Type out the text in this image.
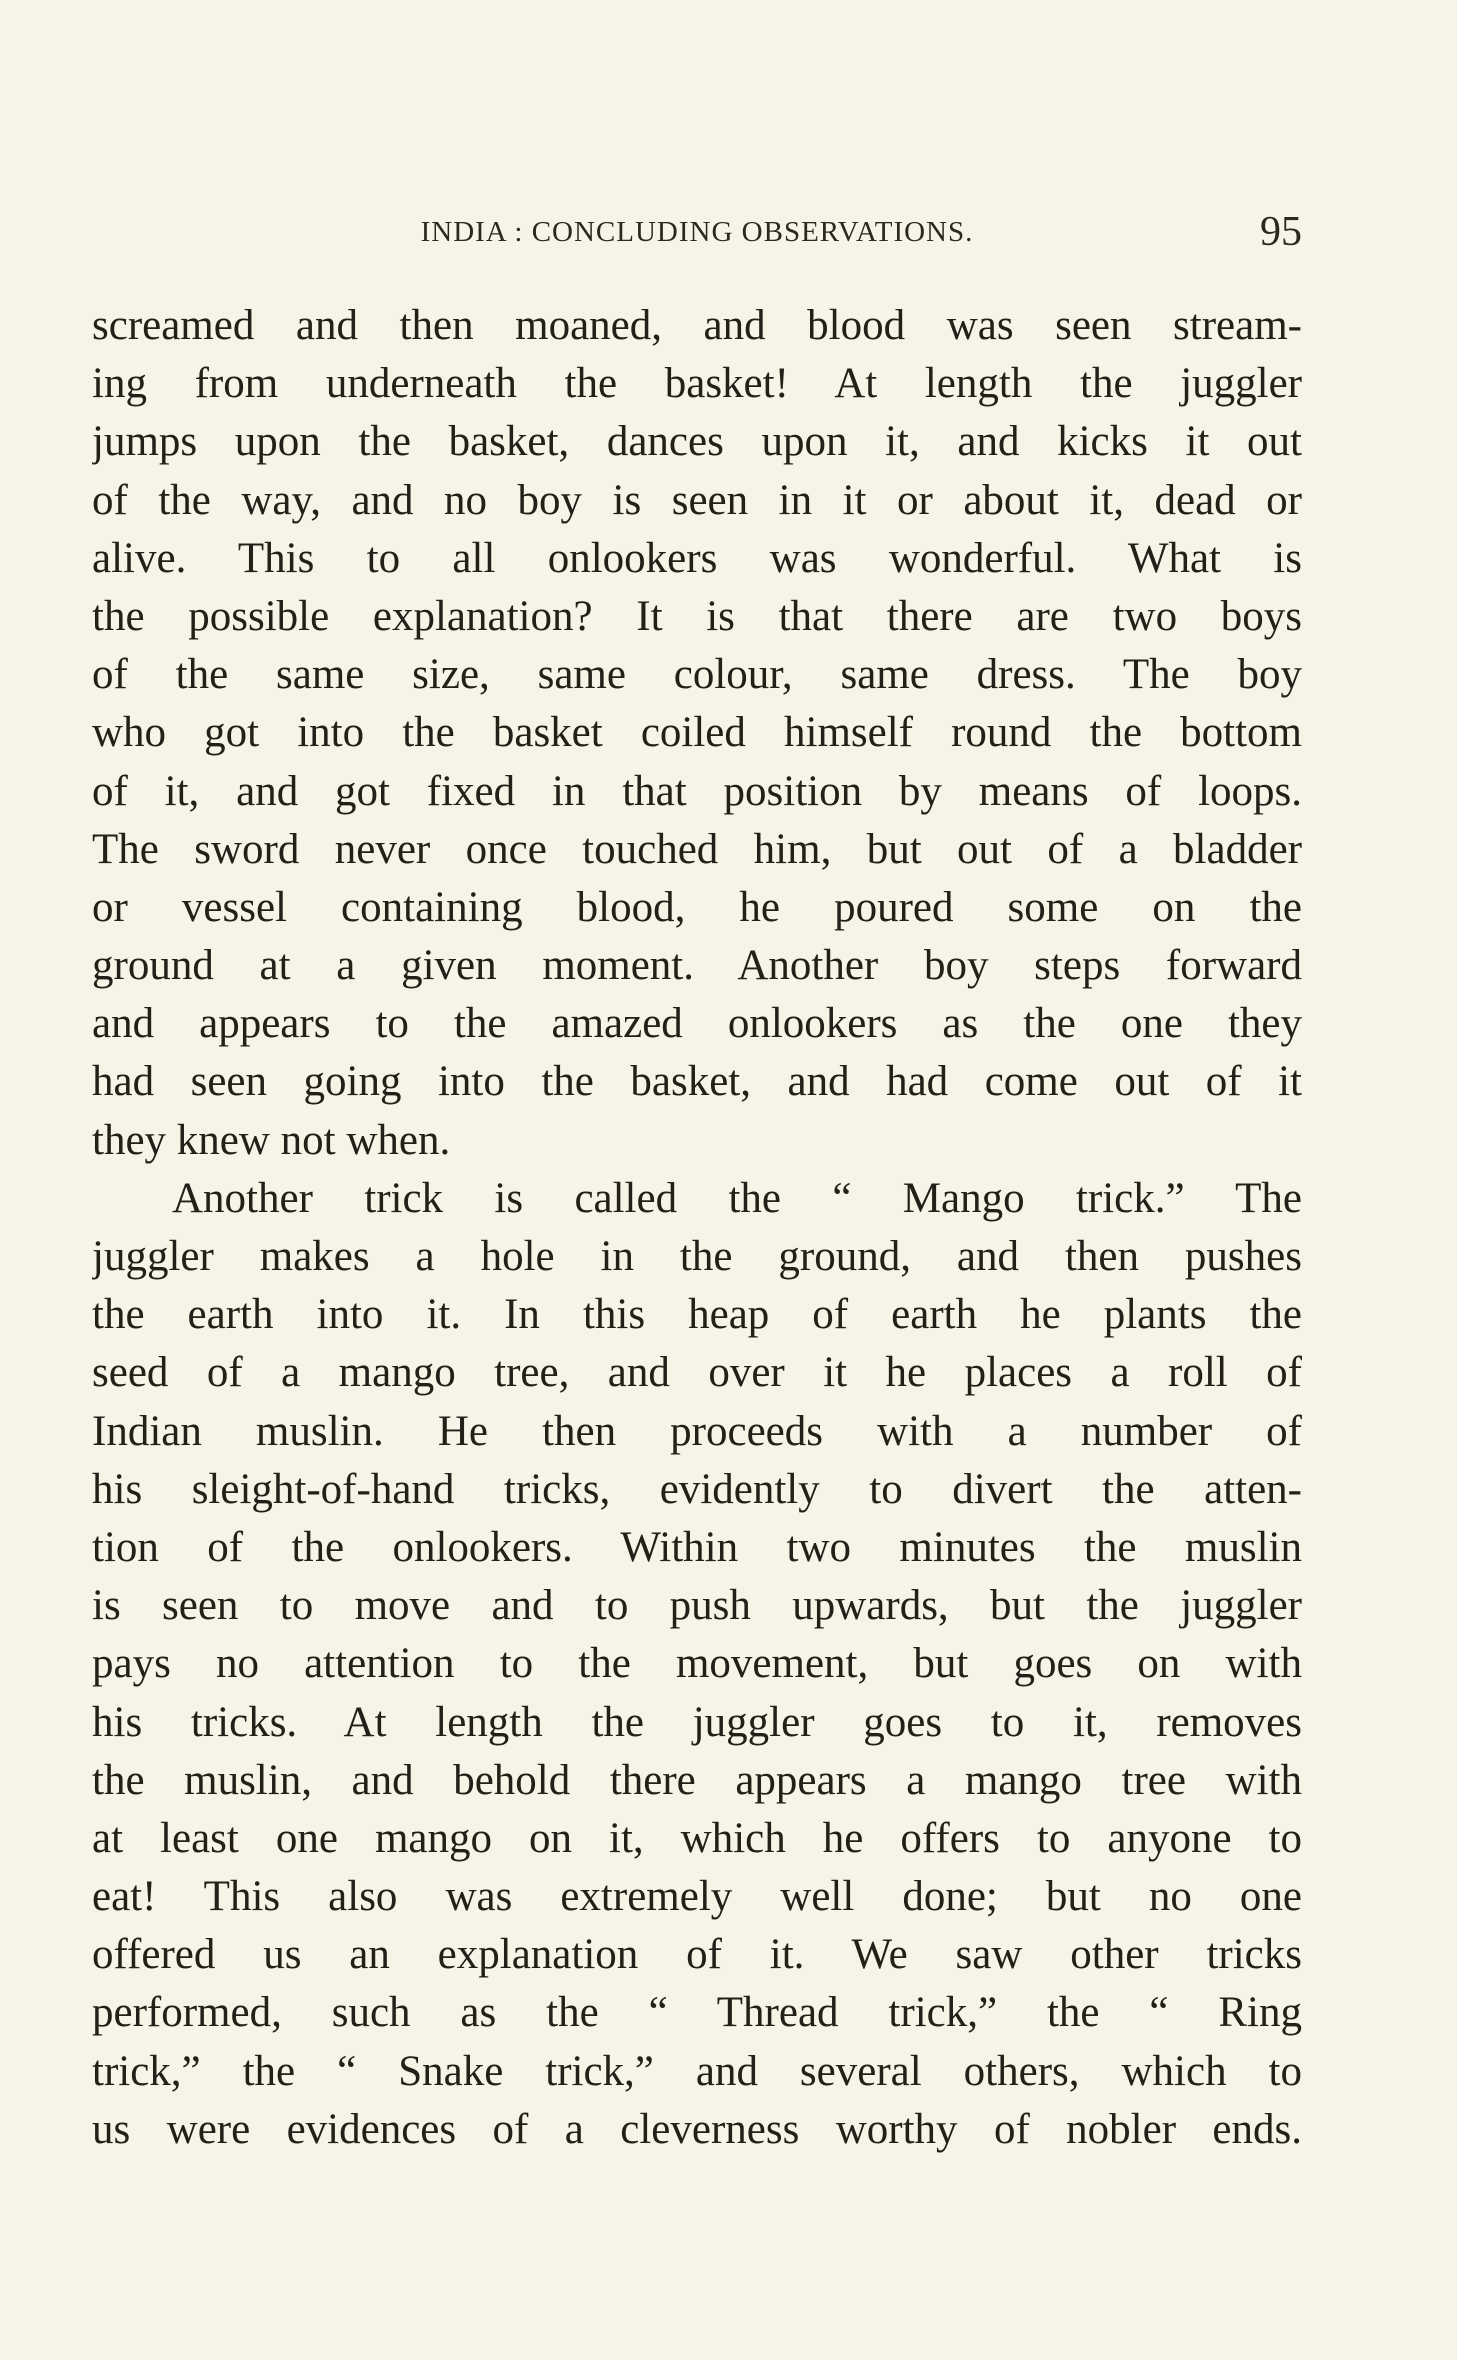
INDIA : CONCLUDING OBSERVATIONS.	95
screamed and then moaned, and blood was seen stream-
ing from underneath the basket! At length the juggler
jumps upon the basket, dances upon it, and kicks it out
of the way, and no boy is seen in it or about it, dead or
alive. This to all onlookers was wonderful. What is
the possible explanation? It is that there are two boys
of the same size, same colour, same dress. The boy
who got into the basket coiled himself round the bottom
of it, and got fixed in that position by means of loops.
The sword never once touched him, but out of a bladder
or vessel containing blood, he poured some on the
ground at a given moment. Another boy steps forward
and appears to the amazed onlookers as the one they
had seen going into the basket, and had come out of it
they knew not when.
Another trick is called the “ Mango trick.” The
juggler makes a hole in the ground, and then pushes
the earth into it. In this heap of earth he plants the
seed of a mango tree, and over it he places a roll of
Indian muslin. He then proceeds with a number of
his sleight-of-hand tricks, evidently to divert the atten-
tion of the onlookers. Within two minutes the muslin
is seen to move and to push upwards, but the juggler
pays no attention to the movement, but goes on with
his tricks. At length the juggler goes to it, removes
the muslin, and behold there appears a mango tree with
at least one mango on it, which he offers to anyone to
eat! This also was extremely well done; but no one
offered us an explanation of it. We saw other tricks
performed, such as the “ Thread trick,” the “ Ring
trick,” the “ Snake trick,” and several others, which to
us were evidences of a cleverness worthy of nobler ends.
